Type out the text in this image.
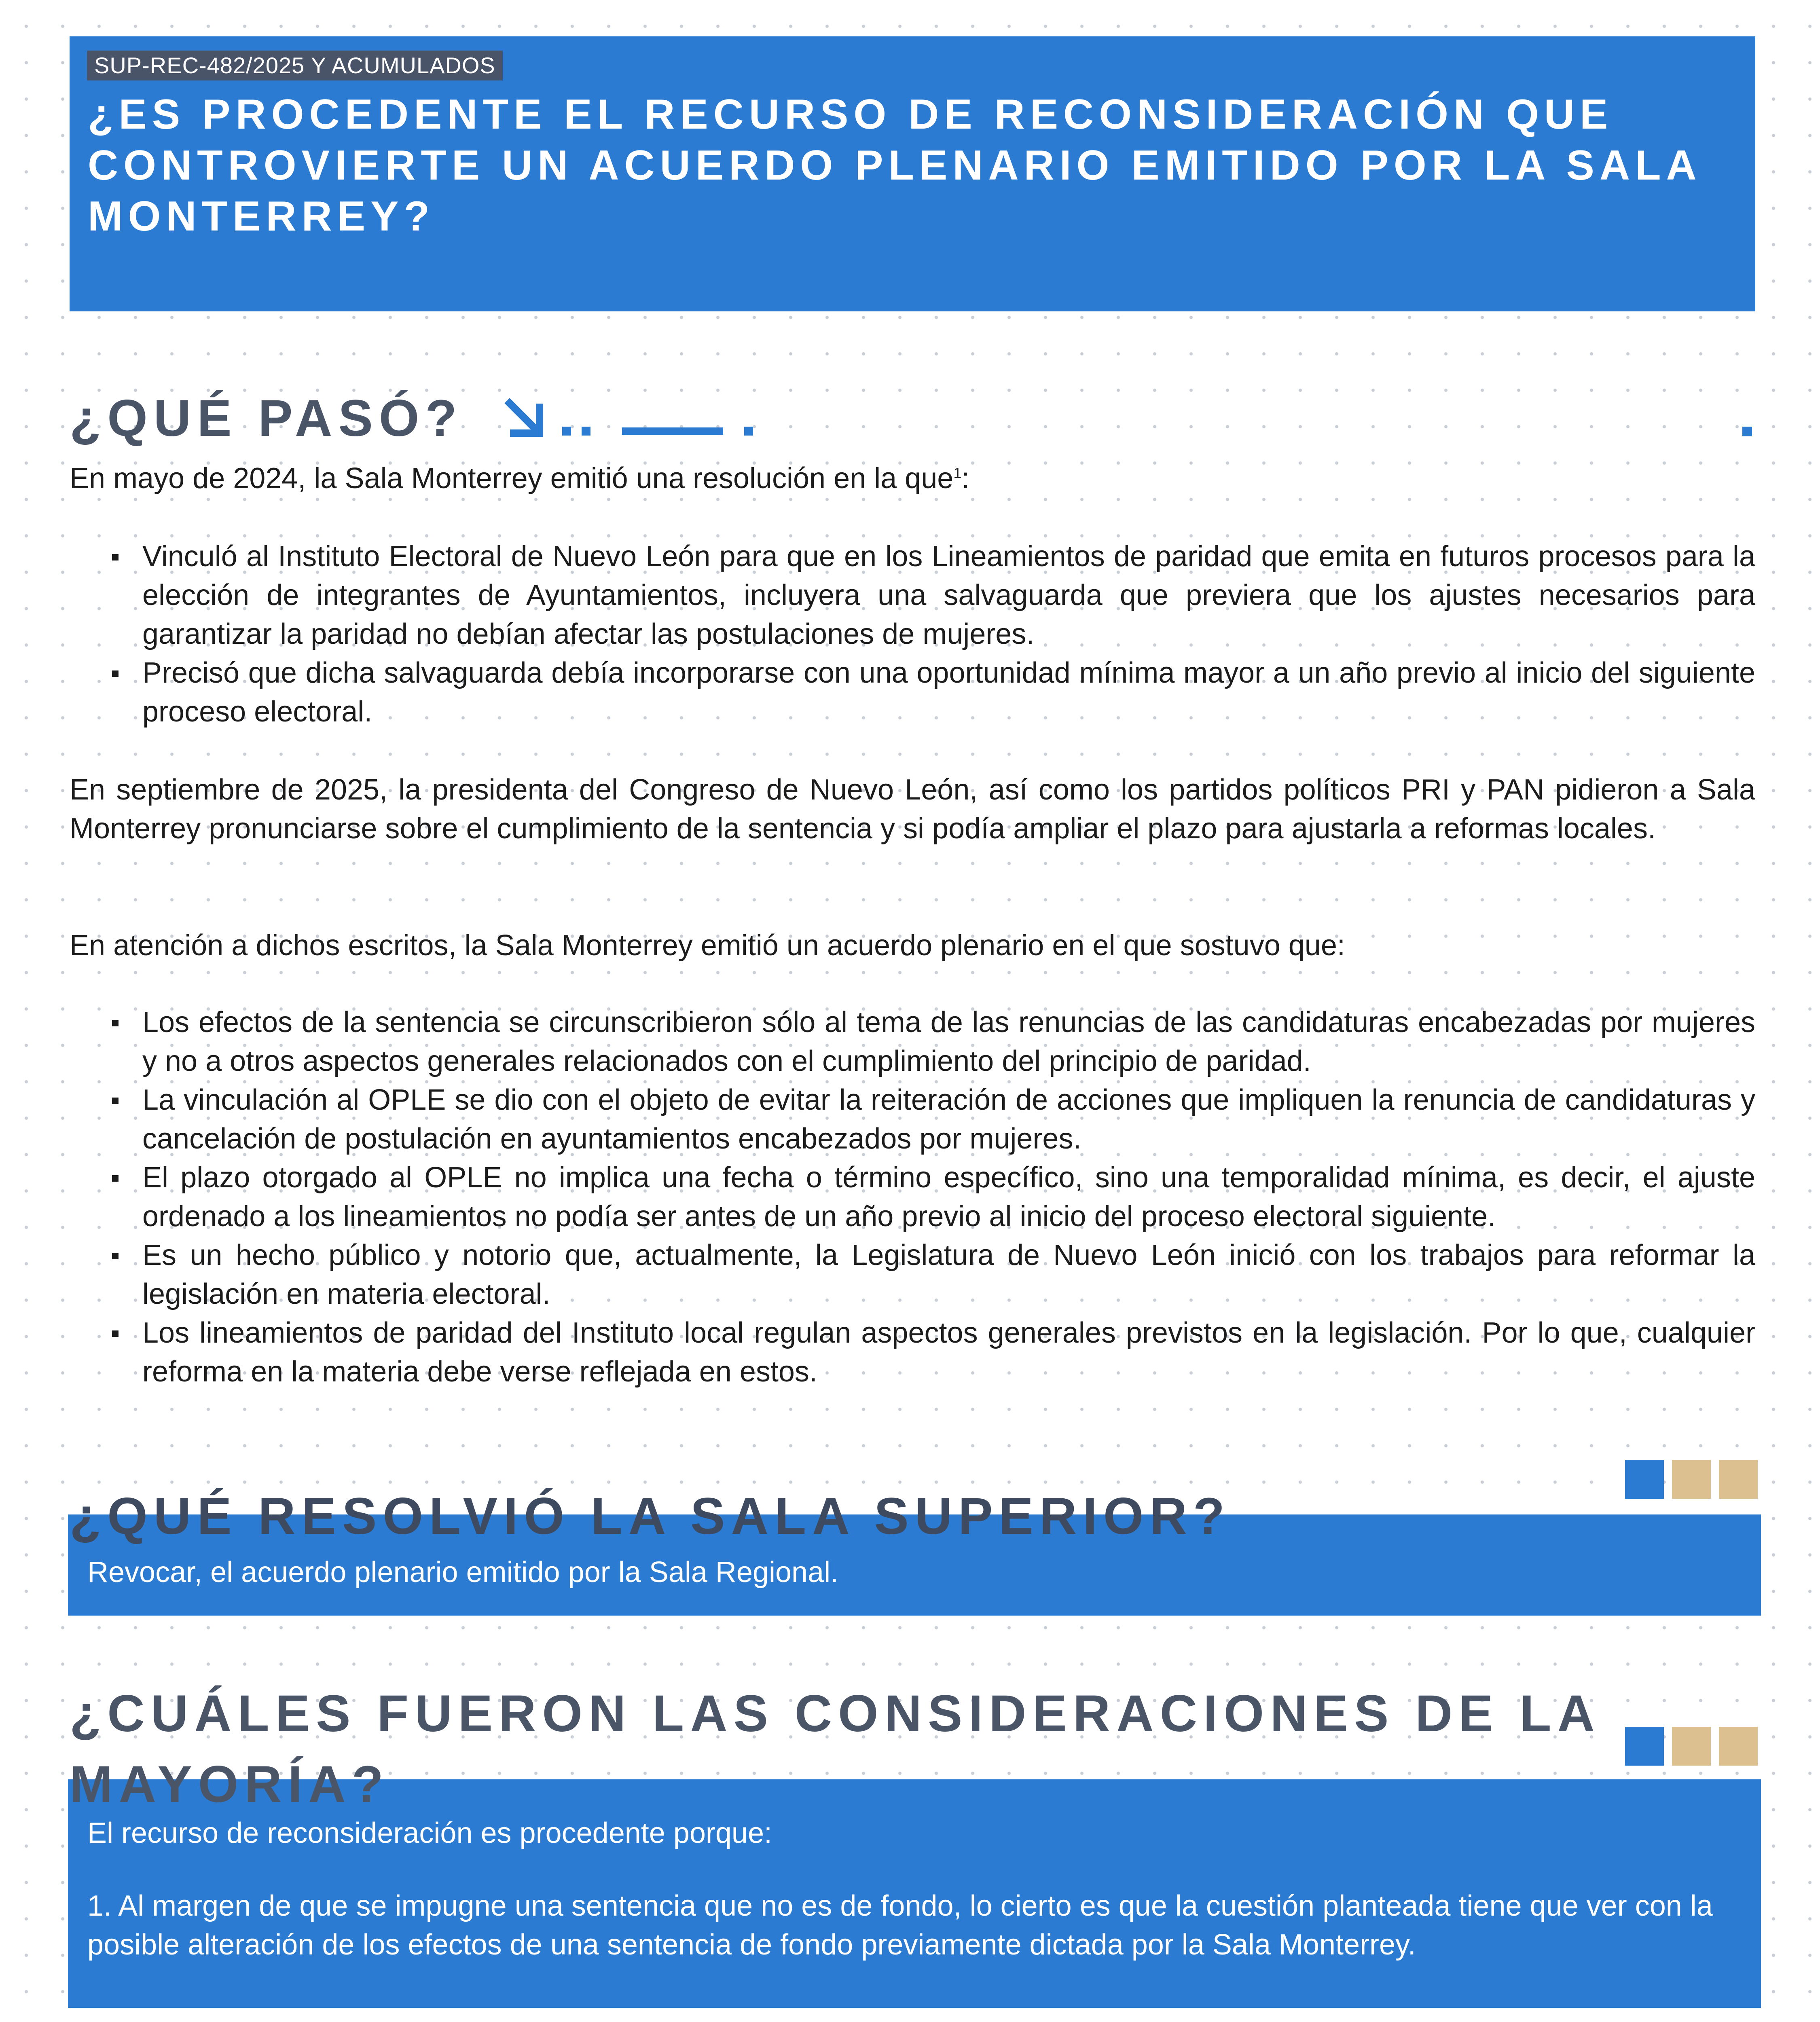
SUP-REC-482/2025 Y ACUMULADOS
¿ES PROCEDENTE EL RECURSO DE RECONSIDERACIÓN QUE CONTROVIERTE UN ACUERDO PLENARIO EMITIDO POR LA SALA MONTERREY?
¿QUÉ PASÓ?

En mayo de 2024, la Sala Monterrey emitió una resolución en la que$^1$:

Vinculó al Instituto Electoral de Nuevo León para que en los Lineamientos de paridad que emita en futuros procesos para la elección de integrantes de Ayuntamientos, incluyera una salvaguarda que previera que los ajustes necesarios para garantizar la paridad no debían afectar las postulaciones de mujeres.
Precisó que dicha salvaguarda debía incorporarse con una oportunidad mínima mayor a un año previo al inicio del siguiente proceso electoral.

En septiembre de 2025, la presidenta del Congreso de Nuevo León, así como los partidos políticos PRI y PAN pidieron a Sala Monterrey pronunciarse sobre el cumplimiento de la sentencia y si podía ampliar el plazo para ajustarla a reformas locales.

En atención a dichos escritos, la Sala Monterrey emitió un acuerdo plenario en el que sostuvo que:

Los efectos de la sentencia se circunscribieron sólo al tema de las renuncias de las candidaturas encabezadas por mujeres y no a otros aspectos generales relacionados con el cumplimiento del principio de paridad.
La vinculación al OPLE se dio con el objeto de evitar la reiteración de acciones que impliquen la renuncia de candidaturas y cancelación de postulación en ayuntamientos encabezados por mujeres.
El plazo otorgado al OPLE no implica una fecha o término específico, sino una temporalidad mínima, es decir, el ajuste ordenado a los lineamientos no podía ser antes de un año previo al inicio del proceso electoral siguiente.
Es un hecho público y notorio que, actualmente, la Legislatura de Nuevo León inició con los trabajos para reformar la legislación en materia electoral.
Los lineamientos de paridad del Instituto local regulan aspectos generales previstos en la legislación. Por lo que, cualquier reforma en la materia debe verse reflejada en estos.
Revocar, el acuerdo plenario emitido por la Sala Regional.
¿QUÉ RESOLVIÓ LA SALA SUPERIOR?
El recurso de reconsideración es procedente porque:
1. Al margen de que se impugne una sentencia que no es de fondo, lo cierto es que la cuestión planteada tiene que ver con la posible alteración de los efectos de una sentencia de fondo previamente dictada por la Sala Monterrey.
¿CUÁLES FUERON LAS CONSIDERACIONES DE LA MAYORÍA?
